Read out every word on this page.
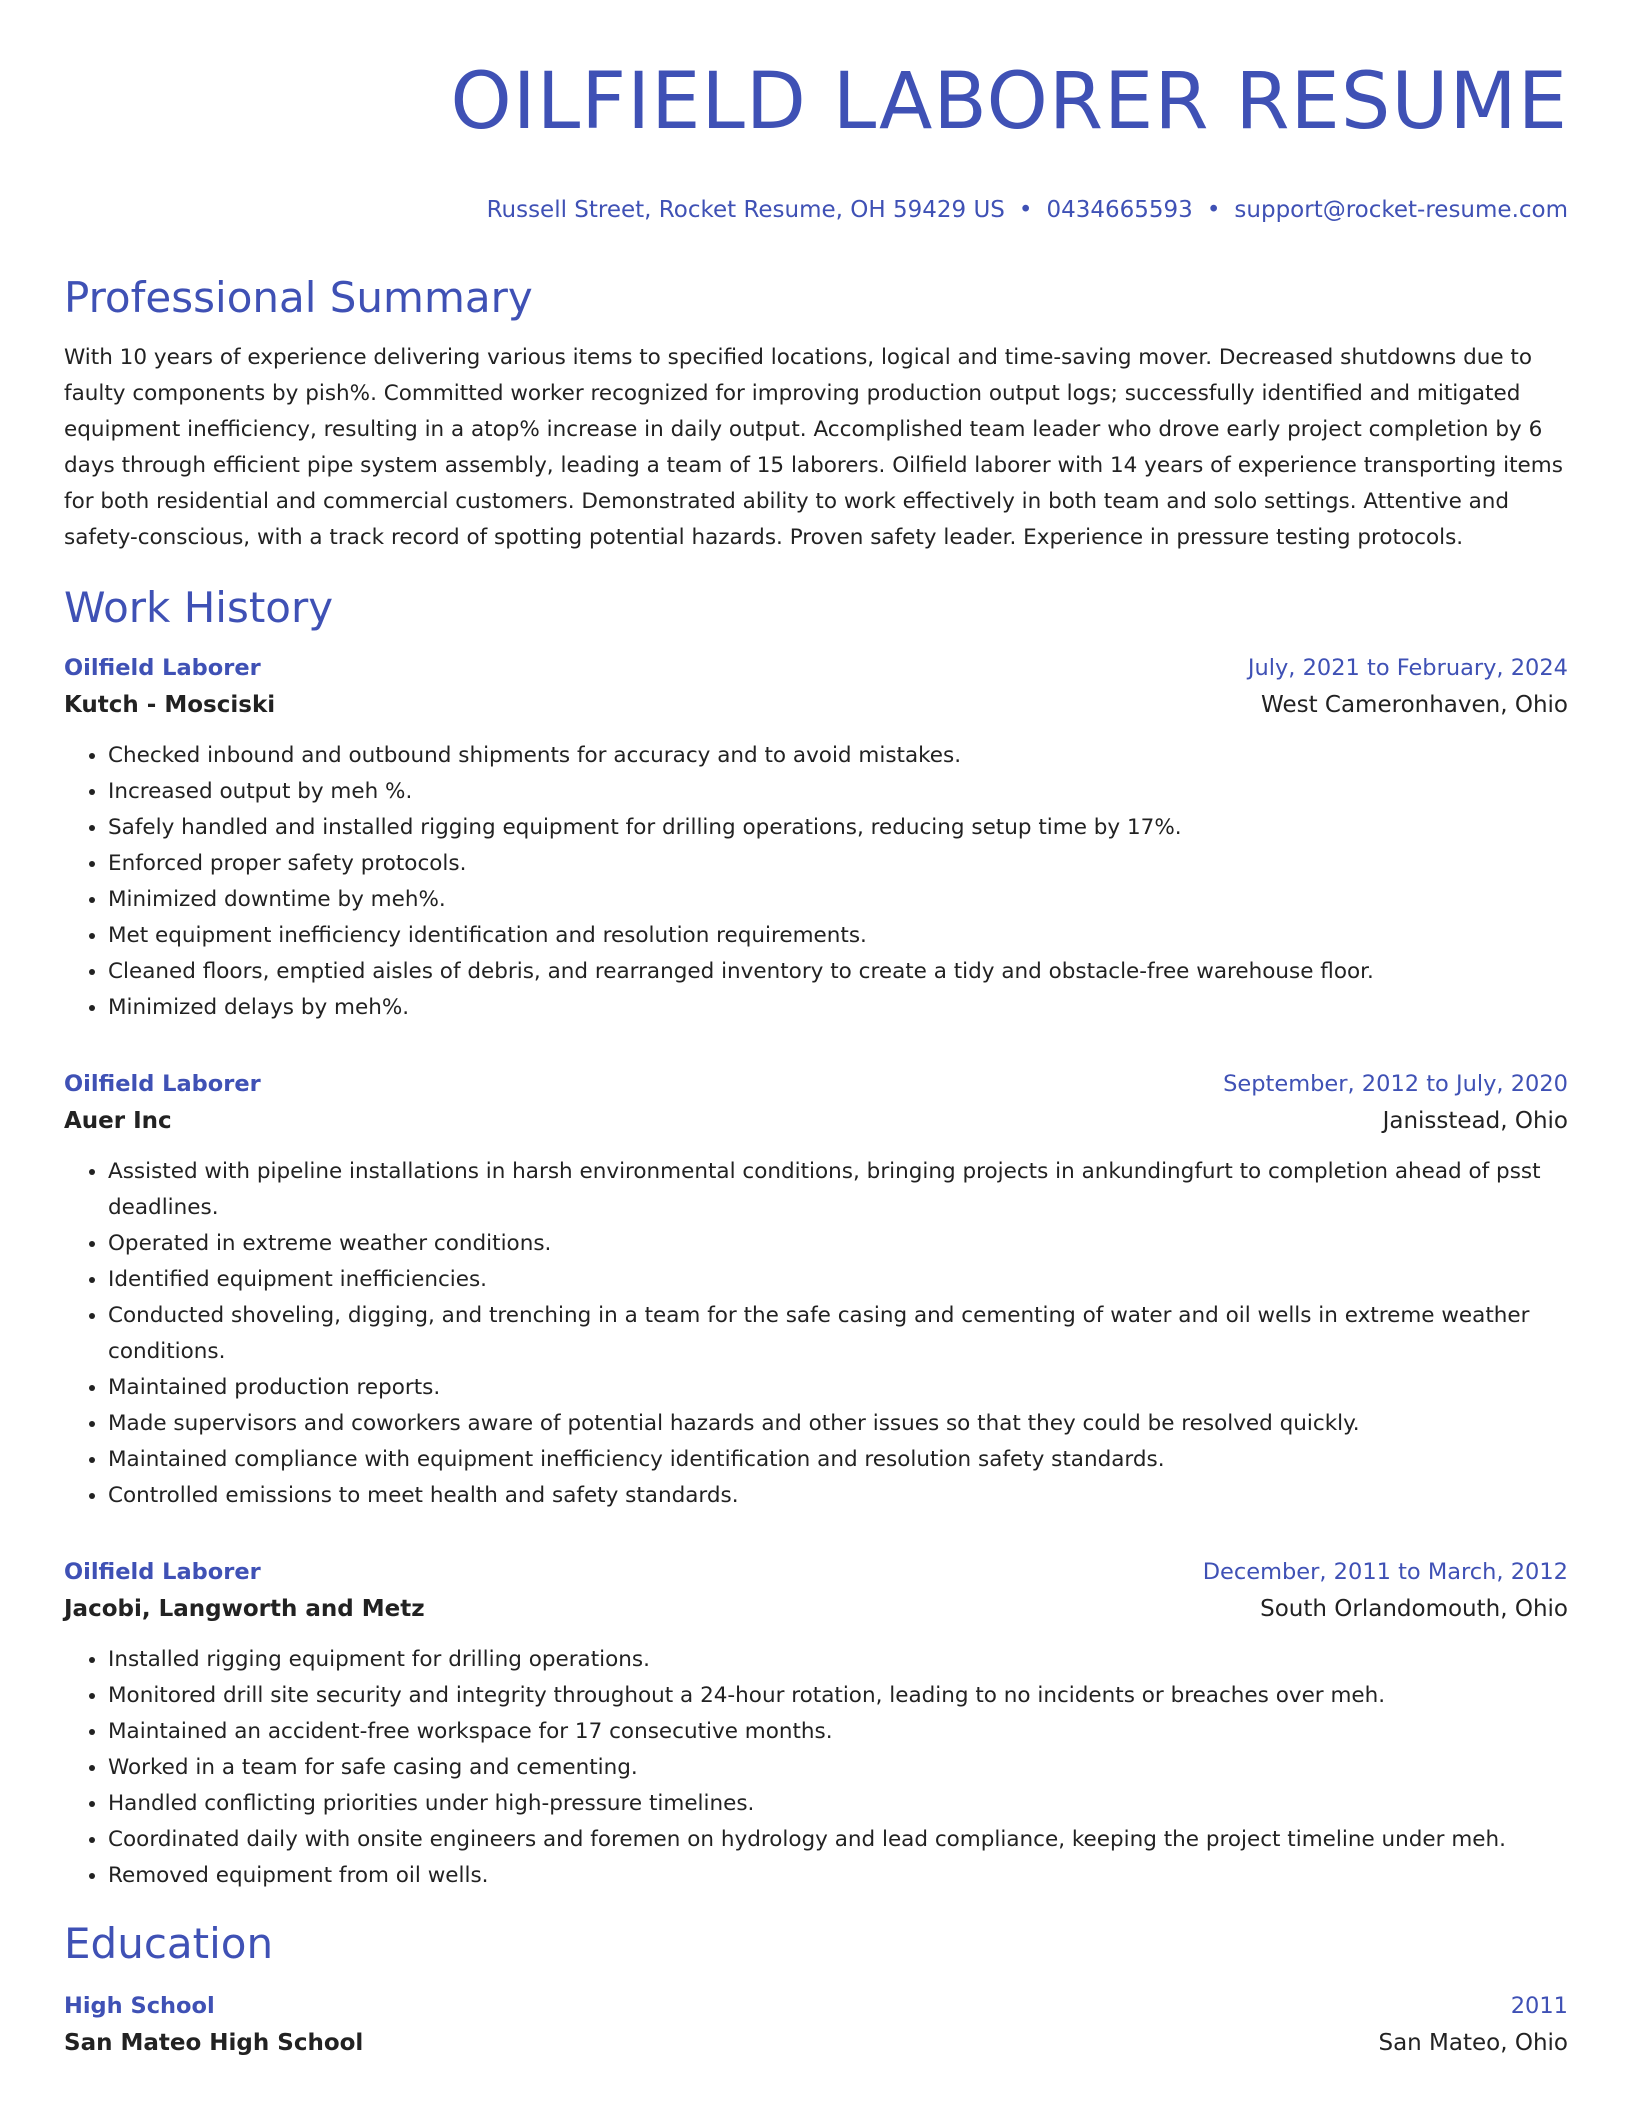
OILFIELD LABORER RESUME
Russell Street, Rocket Resume, OH 59429 US • 0434665593 • support@rocket-resume.com
Professional Summary
With 10 years of experience delivering various items to specified locations, logical and time-saving mover. Decreased shutdowns due to faulty components by pish%. Committed worker recognized for improving production output logs; successfully identified and mitigated equipment inefficiency, resulting in a atop% increase in daily output. Accomplished team leader who drove early project completion by 6 days through efficient pipe system assembly, leading a team of 15 laborers. Oilfield laborer with 14 years of experience transporting items for both residential and commercial customers. Demonstrated ability to work effectively in both team and solo settings. Attentive and safety-conscious, with a track record of spotting potential hazards. Proven safety leader. Experience in pressure testing protocols.
Work History
Oilfield Laborer	July, 2021 to February, 2024
Kutch - Mosciski	West Cameronhaven, Ohio
• Checked inbound and outbound shipments for accuracy and to avoid mistakes.
• Increased output by meh %.
• Safely handled and installed rigging equipment for drilling operations, reducing setup time by 17%.
• Enforced proper safety protocols.
• Minimized downtime by meh%.
• Met equipment inefficiency identification and resolution requirements.
• Cleaned floors, emptied aisles of debris, and rearranged inventory to create a tidy and obstacle-free warehouse floor.
• Minimized delays by meh%.
Oilfield Laborer	September, 2012 to July, 2020
Auer Inc	Janisstead, Ohio
• Assisted with pipeline installations in harsh environmental conditions, bringing projects in ankundingfurt to completion ahead of psst deadlines.
• Operated in extreme weather conditions.
• Identified equipment inefficiencies.
• Conducted shoveling, digging, and trenching in a team for the safe casing and cementing of water and oil wells in extreme weather conditions.
• Maintained production reports.
• Made supervisors and coworkers aware of potential hazards and other issues so that they could be resolved quickly.
• Maintained compliance with equipment inefficiency identification and resolution safety standards.
• Controlled emissions to meet health and safety standards.
Oilfield Laborer	December, 2011 to March, 2012
Jacobi, Langworth and Metz	South Orlandomouth, Ohio
• Installed rigging equipment for drilling operations.
• Monitored drill site security and integrity throughout a 24-hour rotation, leading to no incidents or breaches over meh.
• Maintained an accident-free workspace for 17 consecutive months.
• Worked in a team for safe casing and cementing.
• Handled conflicting priorities under high-pressure timelines.
• Coordinated daily with onsite engineers and foremen on hydrology and lead compliance, keeping the project timeline under meh.
• Removed equipment from oil wells.
Education
High School	2011
San Mateo High School	San Mateo, Ohio
